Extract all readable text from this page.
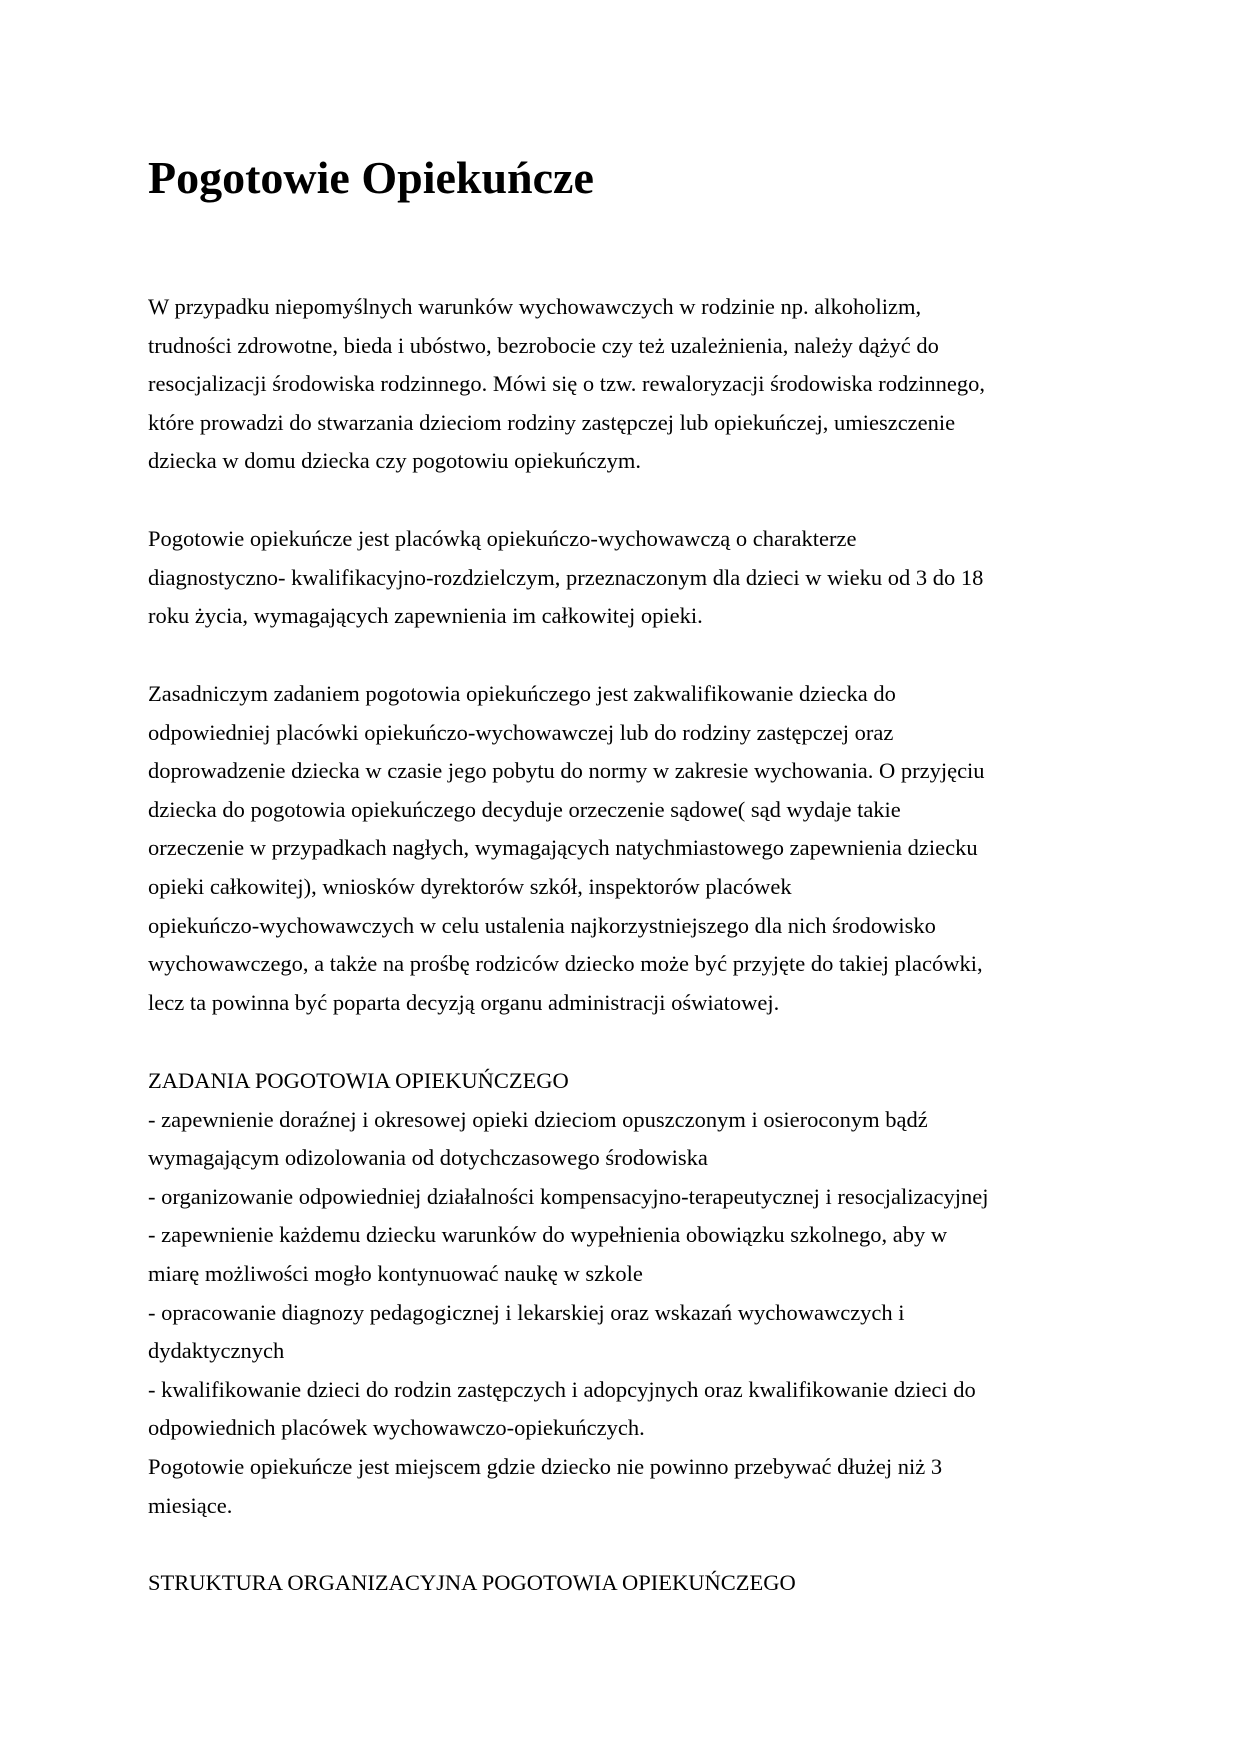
Pogotowie Opiekuńcze

W przypadku niepomyślnych warunków wychowawczych w rodzinie np. alkoholizm,
trudności zdrowotne, bieda i ubóstwo, bezrobocie czy też uzależnienia, należy dążyć do
resocjalizacji środowiska rodzinnego. Mówi się o tzw. rewaloryzacji środowiska rodzinnego,
które prowadzi do stwarzania dzieciom rodziny zastępczej lub opiekuńczej, umieszczenie
dziecka w domu dziecka czy pogotowiu opiekuńczym.

Pogotowie opiekuńcze jest placówką opiekuńczo-wychowawczą o charakterze
diagnostyczno- kwalifikacyjno-rozdzielczym, przeznaczonym dla dzieci w wieku od 3 do 18
roku życia, wymagających zapewnienia im całkowitej opieki.

Zasadniczym zadaniem pogotowia opiekuńczego jest zakwalifikowanie dziecka do
odpowiedniej placówki opiekuńczo-wychowawczej lub do rodziny zastępczej oraz
doprowadzenie dziecka w czasie jego pobytu do normy w zakresie wychowania. O przyjęciu
dziecka do pogotowia opiekuńczego decyduje orzeczenie sądowe( sąd wydaje takie
orzeczenie w przypadkach nagłych, wymagających natychmiastowego zapewnienia dziecku
opieki całkowitej), wniosków dyrektorów szkół, inspektorów placówek
opiekuńczo-wychowawczych w celu ustalenia najkorzystniejszego dla nich środowisko
wychowawczego, a także na prośbę rodziców dziecko może być przyjęte do takiej placówki,
lecz ta powinna być poparta decyzją organu administracji oświatowej.

ZADANIA POGOTOWIA OPIEKUŃCZEGO
- zapewnienie doraźnej i okresowej opieki dzieciom opuszczonym i osieroconym bądź
wymagającym odizolowania od dotychczasowego środowiska
- organizowanie odpowiedniej działalności kompensacyjno-terapeutycznej i resocjalizacyjnej
- zapewnienie każdemu dziecku warunków do wypełnienia obowiązku szkolnego, aby w
miarę możliwości mogło kontynuować naukę w szkole
- opracowanie diagnozy pedagogicznej i lekarskiej oraz wskazań wychowawczych i
dydaktycznych
- kwalifikowanie dzieci do rodzin zastępczych i adopcyjnych oraz kwalifikowanie dzieci do
odpowiednich placówek wychowawczo-opiekuńczych.
Pogotowie opiekuńcze jest miejscem gdzie dziecko nie powinno przebywać dłużej niż 3
miesiące.

STRUKTURA ORGANIZACYJNA POGOTOWIA OPIEKUŃCZEGO
